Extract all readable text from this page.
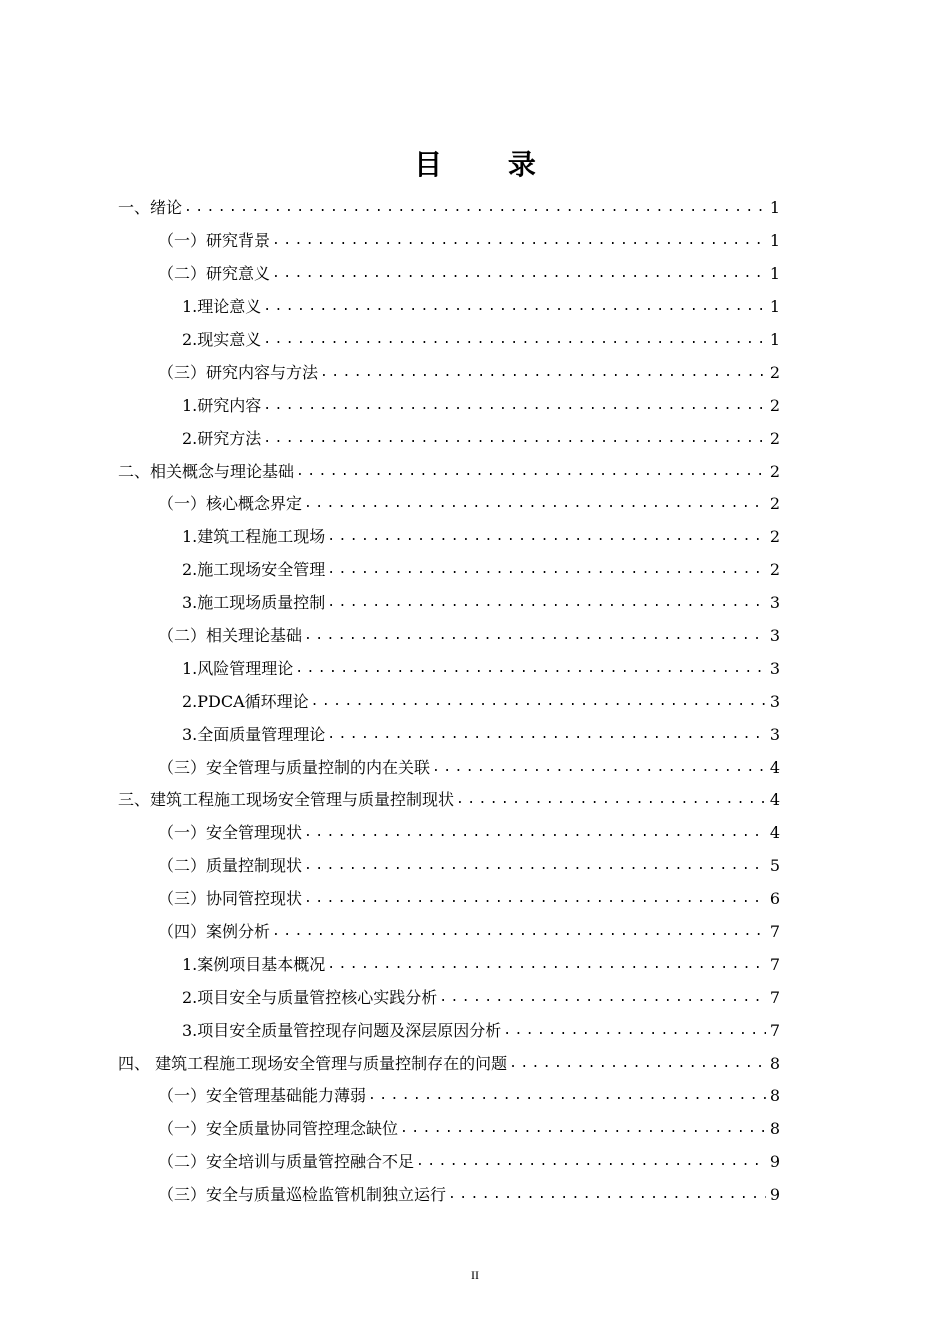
目 录
一、绪论 .....	1
（一）研究背景 .....	1
（二）研究意义 .....	1
1.理论意义 .....	1
2.现实意义 .....	1
（三）研究内容与方法 .....	2
1.研究内容 .....	2
2.研究方法 .....	2
二、相关概念与理论基础 .....	2
（一）核心概念界定 .....	2
1.建筑工程施工现场 .....	2
2.施工现场安全管理 .....	2
3.施工现场质量控制 .....	3
（二）相关理论基础 .....	3
1.风险管理理论 .....	3
2.PDCA循环理论 .....	3
3.全面质量管理理论 .....	3
（三）安全管理与质量控制的内在关联 .....	4
三、建筑工程施工现场安全管理与质量控制现状 .....	4
（一）安全管理现状 .....	4
（二）质量控制现状 .....	5
（三）协同管控现状 .....	6
（四）案例分析 .....	7
1.案例项目基本概况 .....	7
2.项目安全与质量管控核心实践分析 .....	7
3.项目安全质量管控现存问题及深层原因分析 .....	7
四、 建筑工程施工现场安全管理与质量控制存在的问题 .....	8
（一）安全管理基础能力薄弱 .....	8
（一）安全质量协同管控理念缺位 .....	8
（二）安全培训与质量管控融合不足 .....	9
（三）安全与质量巡检监管机制独立运行 .....	9
II
